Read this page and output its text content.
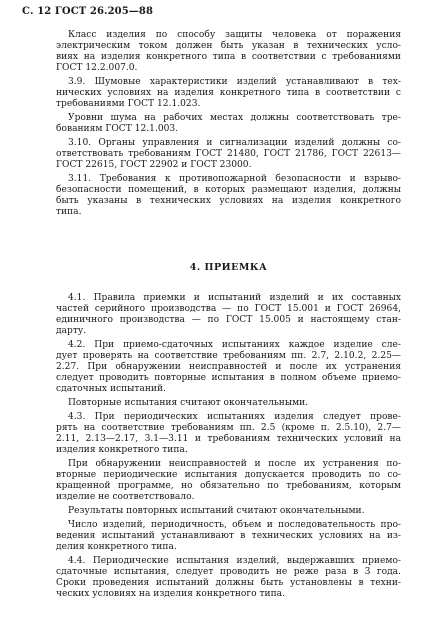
С. 12 ГОСТ 26.205—88
Класс изделия по способу защиты человека от поражения
электрическим током должен быть указан в технических усло-
виях на изделия конкретного типа в соответствии с требованиями
ГОСТ 12.2.007.0.
3.9. Шумовые характеристики изделий устанавливают в тех-
нических условиях на изделия конкретного типа в соответствии с
требованиями ГОСТ 12.1.023.
Уровни шума на рабочих местах должны соответствовать тре-
бованиям ГОСТ 12.1.003.
3.10. Органы управления и сигнализации изделий должны со-
ответствовать требованиям ГОСТ 21480, ГОСТ 21786, ГОСТ 22613—
ГОСТ 22615, ГОСТ 22902 и ГОСТ 23000.
3.11. Требования к противопожарной безопасности и взрыво-
безопасности помещений, в которых размещают изделия, должны
быть указаны в технических условиях на изделия конкретного
типа.
4. ПРИЕМКА
4.1. Правила приемки и испытаний изделий и их составных
частей серийного производства — по ГОСТ 15.001 и ГОСТ 26964,
единичного производства — по ГОСТ 15.005 и настоящему стан-
дарту.
4.2. При приемо-сдаточных испытаниях каждое изделие сле-
дует проверять на соответствие требованиям пп. 2.7, 2.10.2, 2.25—
2.27. При обнаружении неисправностей и после их устранения
следует проводить повторные испытания в полном объеме приемо-
сдаточных испытаний.
Повторные испытания считают окончательными.
4.3. При периодических испытаниях изделия следует прове-
рять на соответствие требованиям пп. 2.5 (кроме п. 2.5.10), 2.7—
2.11, 2.13—2.17, 3.1—3.11 и требованиям технических условий на
изделия конкретного типа.
При обнаружении неисправностей и после их устранения по-
вторные периодические испытания допускается проводить по со-
кращенной программе, но обязательно по требованиям, которым
изделие не соответствовало.
Результаты повторных испытаний считают окончательными.
Число изделий, периодичность, объем и последовательность про-
ведения испытаний устанавливают в технических условиях на из-
делия конкретного типа.
4.4. Периодические испытания изделий, выдержавших приемо-
сдаточные испытания, следует проводить не реже раза в 3 года.
Сроки проведения испытаний должны быть установлены в техни-
ческих условиях на изделия конкретного типа.
